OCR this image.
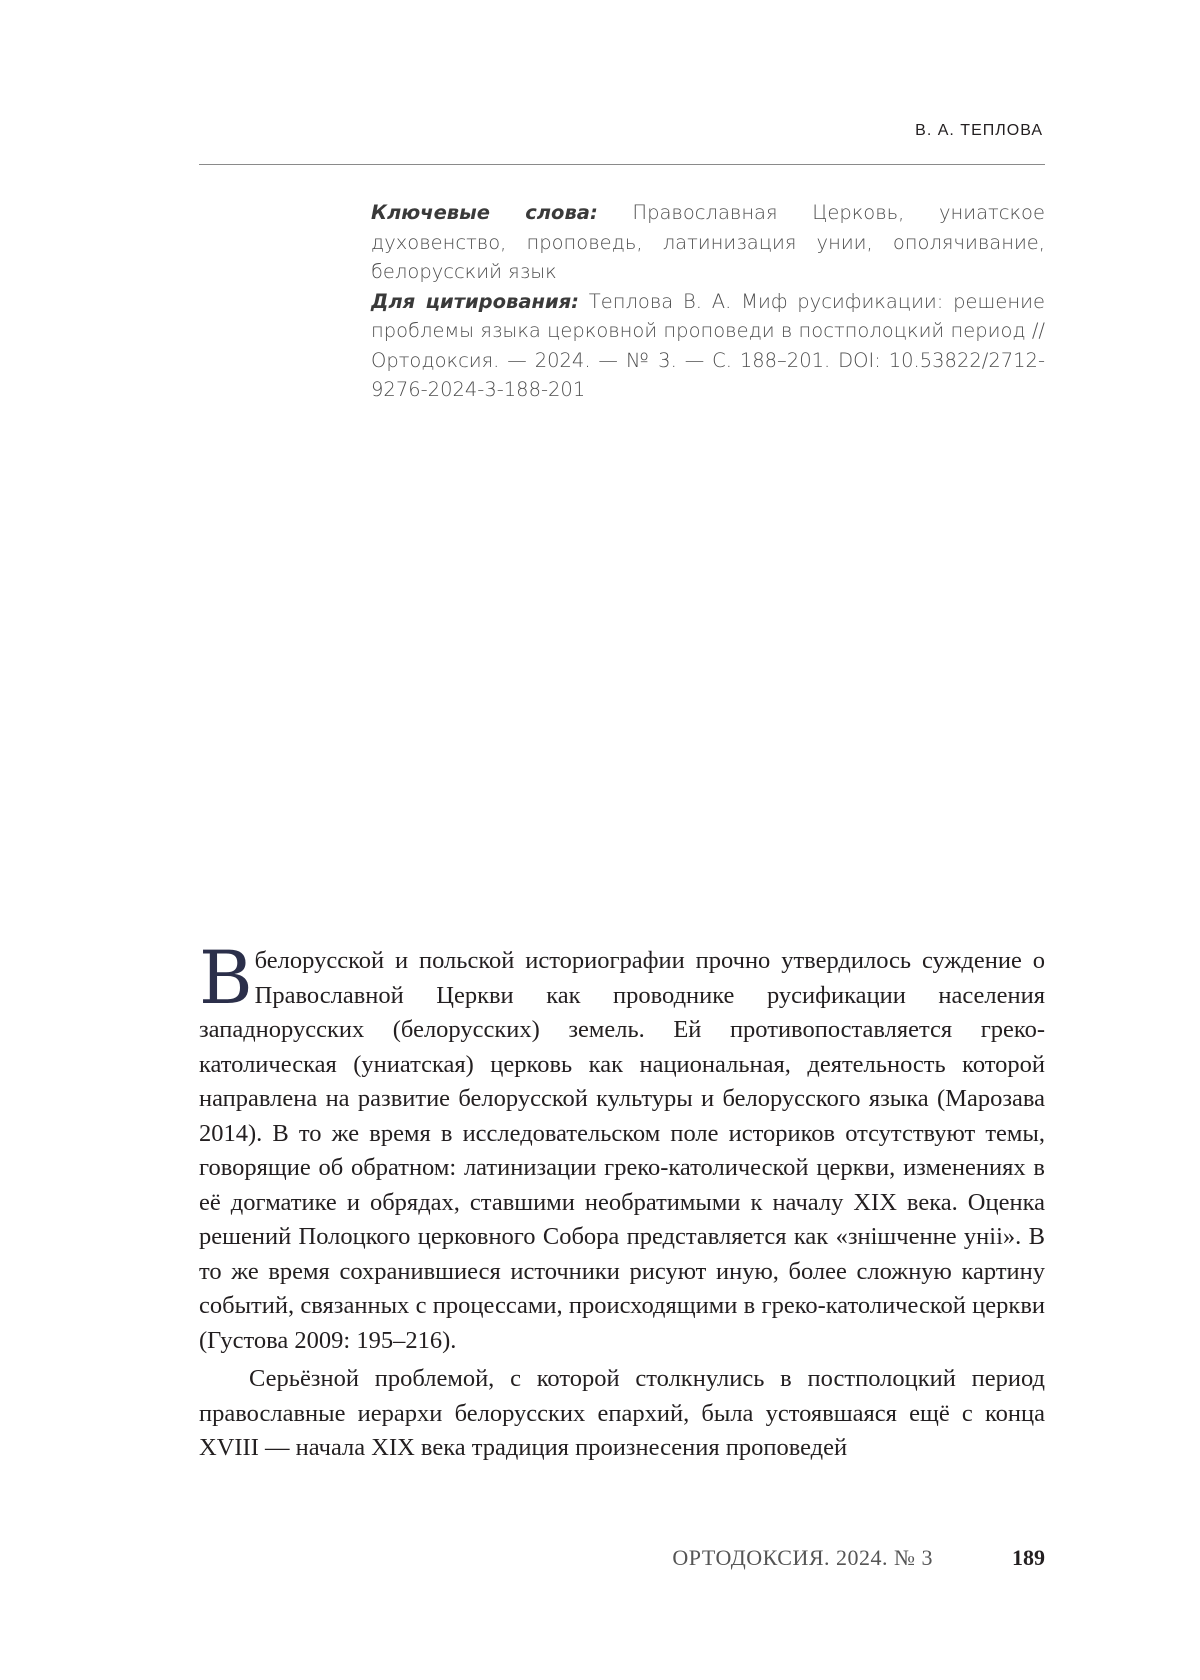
В. А. ТЕПЛОВА

Ключевые слова: Православная Церковь, униатское духовенство, проповедь, латинизация унии, ополячивание, белорусский язык

Для цитирования: Теплова В. А. Миф русификации: решение проблемы языка церковной проповеди в постполоцкий период // Ортодоксия. — 2024. — № 3. — С. 188–201. DOI: 10.53822/2712-9276-2024-3-188-201

В белорусской и польской историографии прочно утвердилось суждение о Православной Церкви как проводнике русификации населения западнорусских (белорусских) земель. Ей противопоставляется греко-католическая (униатская) церковь как национальная, деятельность которой направлена на развитие белорусской культуры и белорусского языка (Марозава 2014). В то же время в исследовательском поле историков отсутствуют темы, говорящие об обратном: латинизации греко-католической церкви, изменениях в её догматике и обрядах, ставшими необратимыми к началу XIX века. Оценка решений Полоцкого церковного Собора представляется как «знішченне уніі». В то же время сохранившиеся источники рисуют иную, более сложную картину событий, связанных с процессами, происходящими в греко-католической церкви (Густова 2009: 195–216).

Серьёзной проблемой, с которой столкнулись в постполоцкий период православные иерархи белорусских епархий, была устоявшаяся ещё с конца XVIII — начала XIX века традиция произнесения проповедей

ОРТОДОКСИЯ. 2024. № 3	189
